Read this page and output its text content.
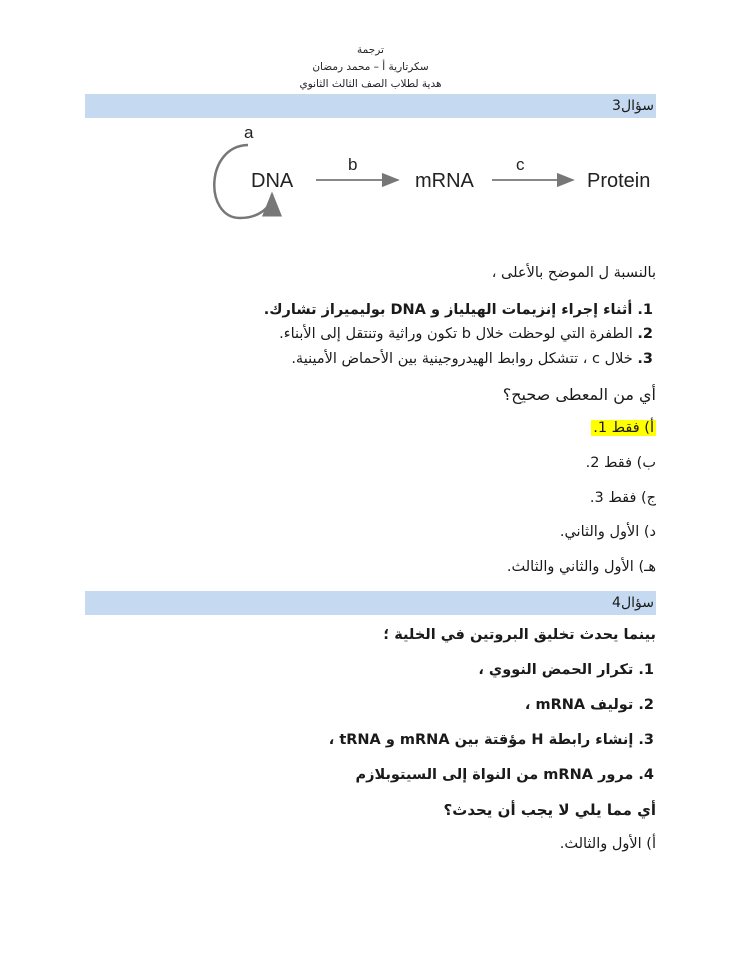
ترجمة
سكرتارية أ – محمد رمضان
هدية لطلاب الصف الثالث الثانوي
سؤال3
a
DNA
b
mRNA
c
Protein
بالنسبة ل الموضح بالأعلى ،
1. أثناء إجراء إنزيمات الهيلياز و DNA بوليميراز تشارك.
2. الطفرة التي لوحظت خلال b تكون وراثية وتنتقل إلى الأبناء.
3. خلال c ، تتشكل روابط الهيدروجينية بين الأحماض الأمينية.
أي من المعطى صحيح؟
أ) فقط 1.
ب) فقط 2.
ج) فقط 3.
د) الأول والثاني.
هـ) الأول والثاني والثالث.
سؤال4
بينما يحدث تخليق البروتين في الخلية ؛
1. تكرار الحمض النووي ،
2. توليف mRNA ،
3. إنشاء رابطة H مؤقتة بين mRNA و tRNA ،
4. مرور mRNA من النواة إلى السيتوبلازم
أي مما يلي لا يجب أن يحدث؟
أ) الأول والثالث.
